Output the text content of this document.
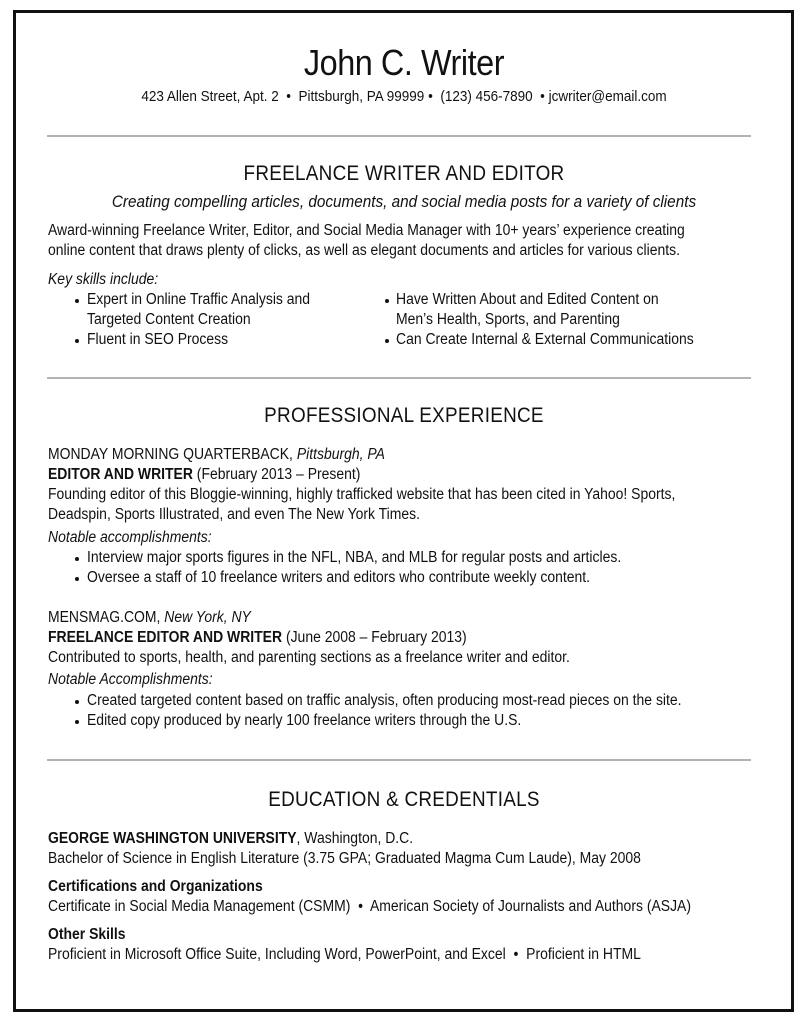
John C. Writer
423 Allen Street, Apt. 2 • Pittsburgh, PA 99999 • (123) 456-7890 • jcwriter@email.com
FREELANCE WRITER AND EDITOR
Creating compelling articles, documents, and social media posts for a variety of clients
Award-winning Freelance Writer, Editor, and Social Media Manager with 10+ years’ experience creating
online content that draws plenty of clicks, as well as elegant documents and articles for various clients.
Key skills include:
Expert in Online Traffic Analysis and
Targeted Content Creation
Fluent in SEO Process
Have Written About and Edited Content on
Men’s Health, Sports, and Parenting
Can Create Internal & External Communications
PROFESSIONAL EXPERIENCE
MONDAY MORNING QUARTERBACK, Pittsburgh, PA
EDITOR AND WRITER (February 2013 – Present)
Founding editor of this Bloggie-winning, highly trafficked website that has been cited in Yahoo! Sports,
Deadspin, Sports Illustrated, and even The New York Times.
Notable accomplishments:
Interview major sports figures in the NFL, NBA, and MLB for regular posts and articles.
Oversee a staff of 10 freelance writers and editors who contribute weekly content.
MENSMAG.COM, New York, NY
FREELANCE EDITOR AND WRITER (June 2008 – February 2013)
Contributed to sports, health, and parenting sections as a freelance writer and editor.
Notable Accomplishments:
Created targeted content based on traffic analysis, often producing most-read pieces on the site.
Edited copy produced by nearly 100 freelance writers through the U.S.
EDUCATION & CREDENTIALS
GEORGE WASHINGTON UNIVERSITY, Washington, D.C.
Bachelor of Science in English Literature (3.75 GPA; Graduated Magma Cum Laude), May 2008
Certifications and Organizations
Certificate in Social Media Management (CSMM) • American Society of Journalists and Authors (ASJA)
Other Skills
Proficient in Microsoft Office Suite, Including Word, PowerPoint, and Excel • Proficient in HTML
